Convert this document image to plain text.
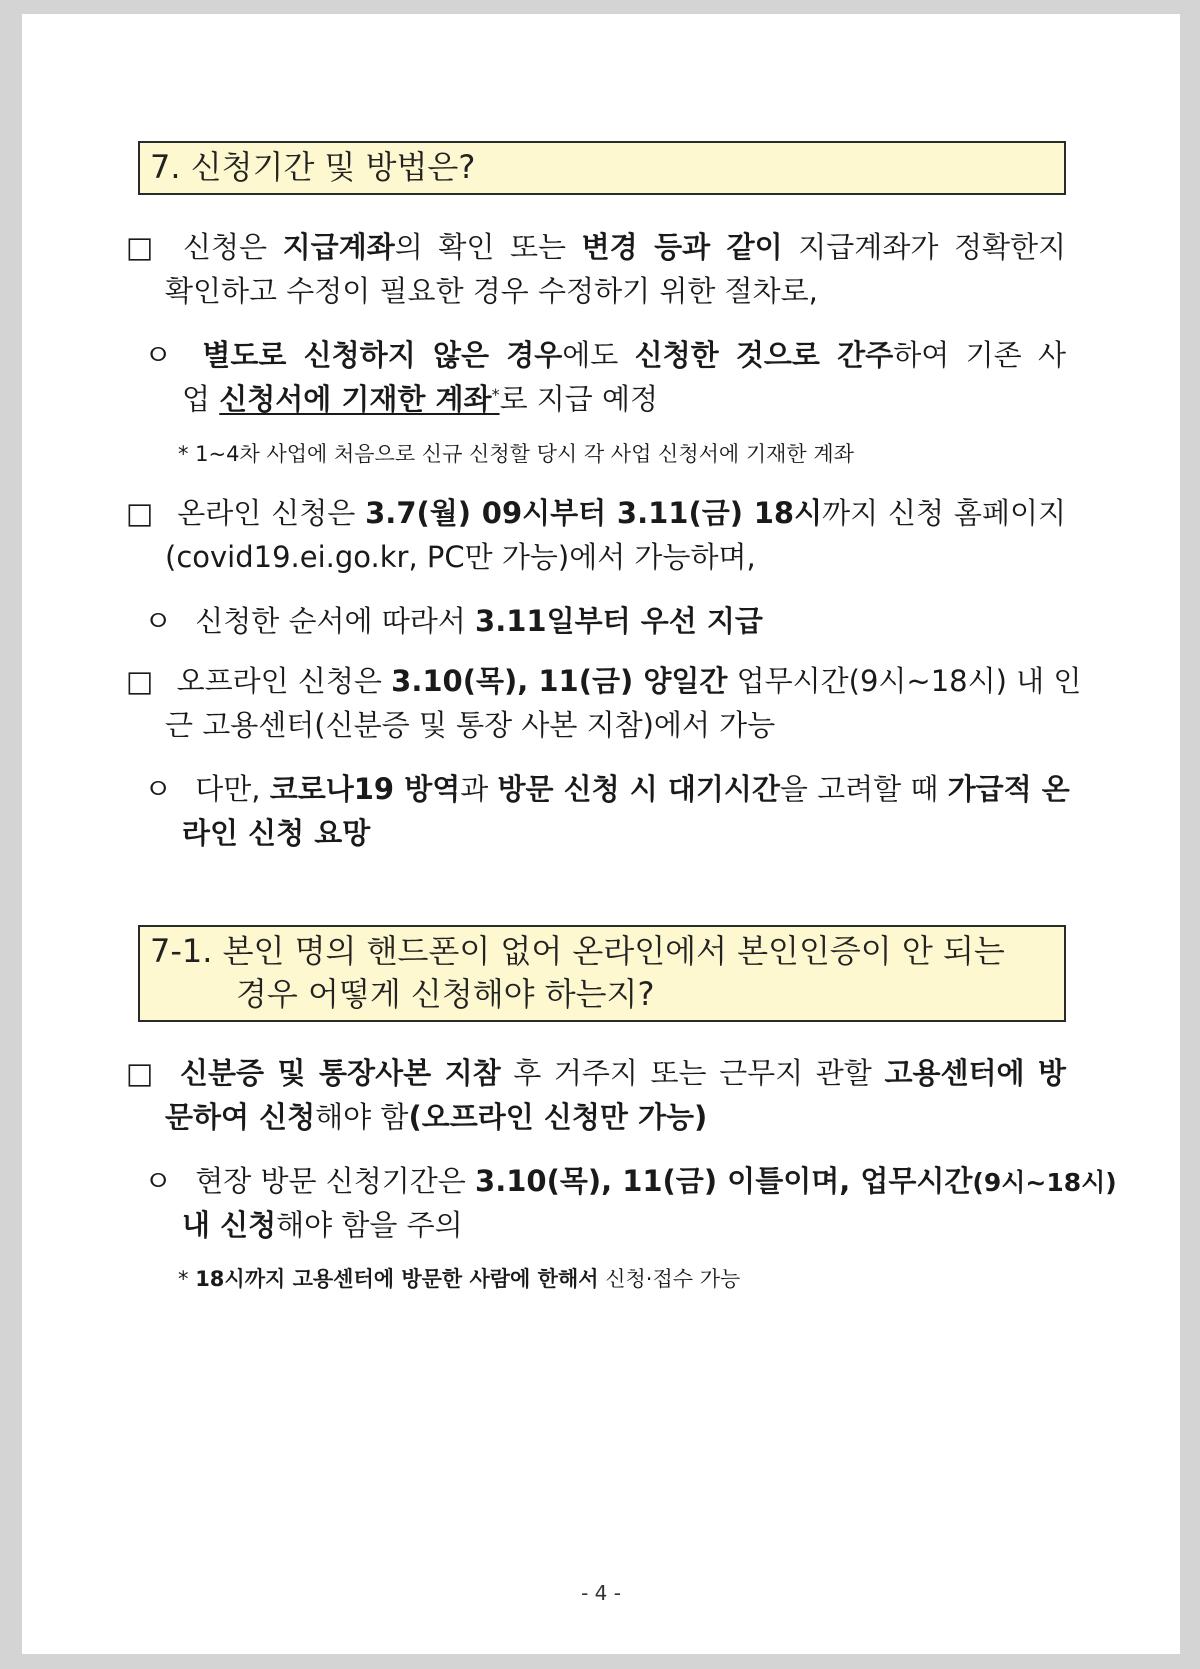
7. 신청기간 및 방법은?
□ 신청은 지급계좌의 확인 또는 변경 등과 같이 지급계좌가 정확한지
확인하고 수정이 필요한 경우 수정하기 위한 절차로,
ㅇ 별도로 신청하지 않은 경우에도 신청한 것으로 간주하여 기존 사
업 신청서에 기재한 계좌*로 지급 예정
* 1~4차 사업에 처음으로 신규 신청할 당시 각 사업 신청서에 기재한 계좌
□ 온라인 신청은 3.7(월) 09시부터 3.11(금) 18시까지 신청 홈페이지
(covid19.ei.go.kr, PC만 가능)에서 가능하며,
ㅇ 신청한 순서에 따라서 3.11일부터 우선 지급
□ 오프라인 신청은 3.10(목), 11(금) 양일간 업무시간(9시~18시) 내 인
근 고용센터(신분증 및 통장 사본 지참)에서 가능
ㅇ 다만, 코로나19 방역과 방문 신청 시 대기시간을 고려할 때 가급적 온
라인 신청 요망
7-1. 본인 명의 핸드폰이 없어 온라인에서 본인인증이 안 되는
경우 어떻게 신청해야 하는지?
□ 신분증 및 통장사본 지참 후 거주지 또는 근무지 관할 고용센터에 방
문하여 신청해야 함(오프라인 신청만 가능)
ㅇ 현장 방문 신청기간은 3.10(목), 11(금) 이틀이며, 업무시간(9시~18시)
내 신청해야 함을 주의
* 18시까지 고용센터에 방문한 사람에 한해서 신청·접수 가능
- 4 -
